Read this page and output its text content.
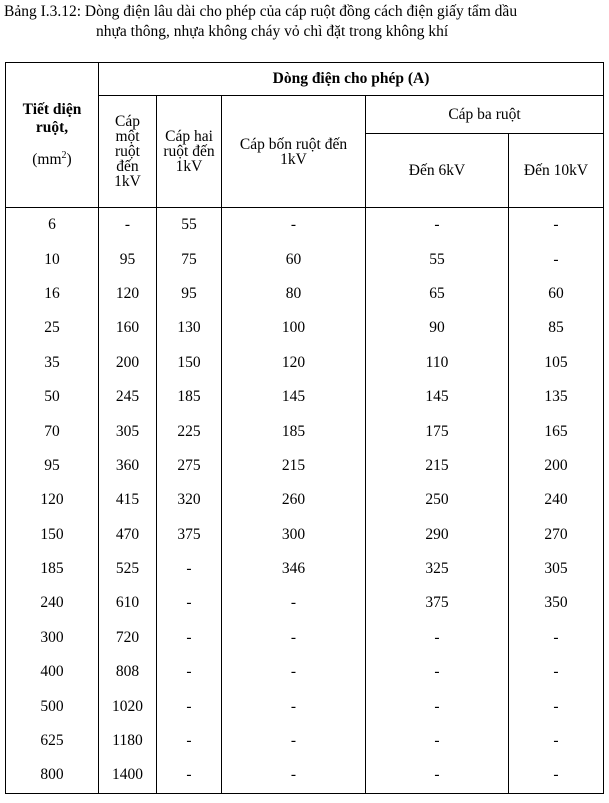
Bảng I.3.12: Dòng điện lâu dài cho phép của cáp ruột đồng cách điện giấy tẩm dầu
nhựa thông, nhựa không cháy vỏ chì đặt trong không khí
Tiết diện ruột,
$(mm^2)$	Dòng điện cho phép (A)				

	Cáp một ruột đến 1kV	Cáp hai ruột đến 1kV	Cáp bốn ruột đến 1kV	Cáp ba ruột	
				Đến 6kV	Đến 10kV
6	-	55	-	-	-
10	95	75	60	55	-
16	120	95	80	65	60
25	160	130	100	90	85
35	200	150	120	110	105
50	245	185	145	145	135
70	305	225	185	175	165
95	360	275	215	215	200
120	415	320	260	250	240
150	470	375	300	290	270
185	525	-	346	325	305
240	610	-	-	375	350
300	720	-	-	-	-
400	808	-	-	-	-
500	1020	-	-	-	-
625	1180	-	-	-	-
800	1400	-	-	-	-
